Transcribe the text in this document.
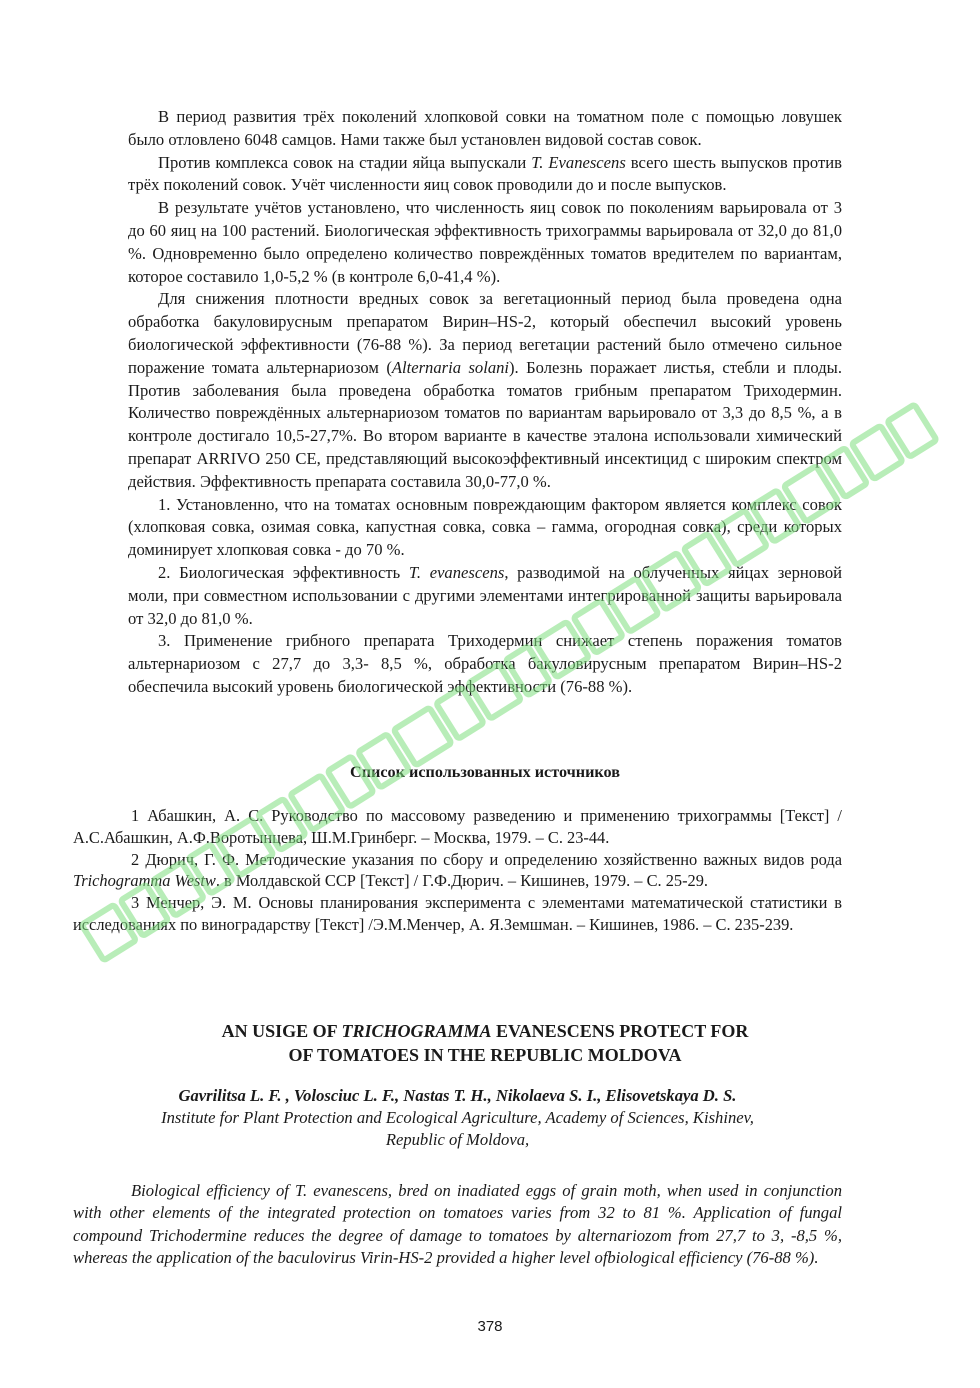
В период развития трёх поколений хлопковой совки на томатном поле с помощью ловушек было отловлено 6048 самцов. Нами также был установлен видовой состав совок.

Против комплекса совок на стадии яйца выпускали T. Evanescens всего шесть выпусков против трёх поколений совок. Учёт численности яиц совок проводили до и после выпусков.

В результате учётов установлено, что численность яиц совок по поколениям варьировала от 3 до 60 яиц на 100 растений. Биологическая эффективность трихограммы варьировала от 32,0 до 81,0 %. Одновременно было определено количество повреждённых томатов вредителем по вариантам, которое составило 1,0-5,2 % (в контроле 6,0-41,4 %).

Для снижения плотности вредных совок за вегетационный период была проведена одна обработка бакуловирусным препаратом Вирин–HS-2, который обеспечил высокий уровень биологической эффективности (76-88 %). За период вегетации растений было отмечено сильное поражение томата альтернариозом (Alternaria solani). Болезнь поражает листья, стебли и плоды. Против заболевания была проведена обработка томатов грибным препаратом Триходермин. Количество повреждённых альтернариозом томатов по вариантам варьировало от 3,3 до 8,5 %, а в контроле достигало 10,5-27,7%. Во втором варианте в качестве эталона использовали химический препарат ARRIVO 250 CE, представляющий высокоэффективный инсектицид с широким спектром действия. Эффективность препарата составила 30,0-77,0 %.

1. Установленно, что на томатах основным повреждающим фактором является комплекс совок (хлопковая совка, озимая совка, капустная совка, совка – гамма, огородная совка), среди которых доминирует хлопковая совка - до 70 %.

2. Биологическая эффективность T. evanescens, разводимой на облученных яйцах зерновой моли, при совместном использовании с другими элементами интегрированной защиты варьировала от 32,0 до 81,0 %.

3. Применение грибного препарата Триходермин снижает степень поражения томатов альтернариозом с 27,7 до 3,3- 8,5 %, обработка бакуловирусным препаратом Вирин–HS-2 обеспечила высокий уровень биологической эффективности (76-88 %).

Список использованных источников

1 Абашкин, А. С. Руководство по массовому разведению и применению трихограммы [Текст] / А.С.Абашкин, А.Ф.Воротынцева, Ш.М.Гринберг. – Москва, 1979. – С. 23-44.

2 Дюрич, Г. Ф. Методические указания по сбору и определению хозяйственно важных видов рода Trichogramma Westw. в Молдавской ССР [Текст] / Г.Ф.Дюрич. – Кишинев, 1979. – С. 25-29.

3 Менчер, Э. М. Основы планирования эксперимента с элементами математической статистики в исследованиях по виноградарству [Текст] /Э.М.Менчер, А. Я.Земшман. – Кишинев, 1986. – С. 235-239.

AN USIGE OF TRICHOGRAMMA EVANESCENS PROTECT FOR
OF TOMATOES IN THE REPUBLIC MOLDOVA
Gavrilitsa L. F. , Volosciuc L. F., Nastas T. H., Nikolaeva S. I., Elisovetskaya D. S.
Institute for Plant Protection and Ecological Agriculture, Academy of Sciences, Kishinev,
Republic of Moldova,

Biological efficiency of T. evanescens, bred on inadiated eggs of grain moth, when used in conjunction with other elements of the integrated protection on tomatoes varies from 32 to 81 %. Application of fungal compound Trichodermine reduces the degree of damage to tomatoes by alternariozom from 27,7 to 3, -8,5 %, whereas the application of the baculovirus Virin-HS-2 provided a higher level ofbiological efficiency (76-88 %).

378
